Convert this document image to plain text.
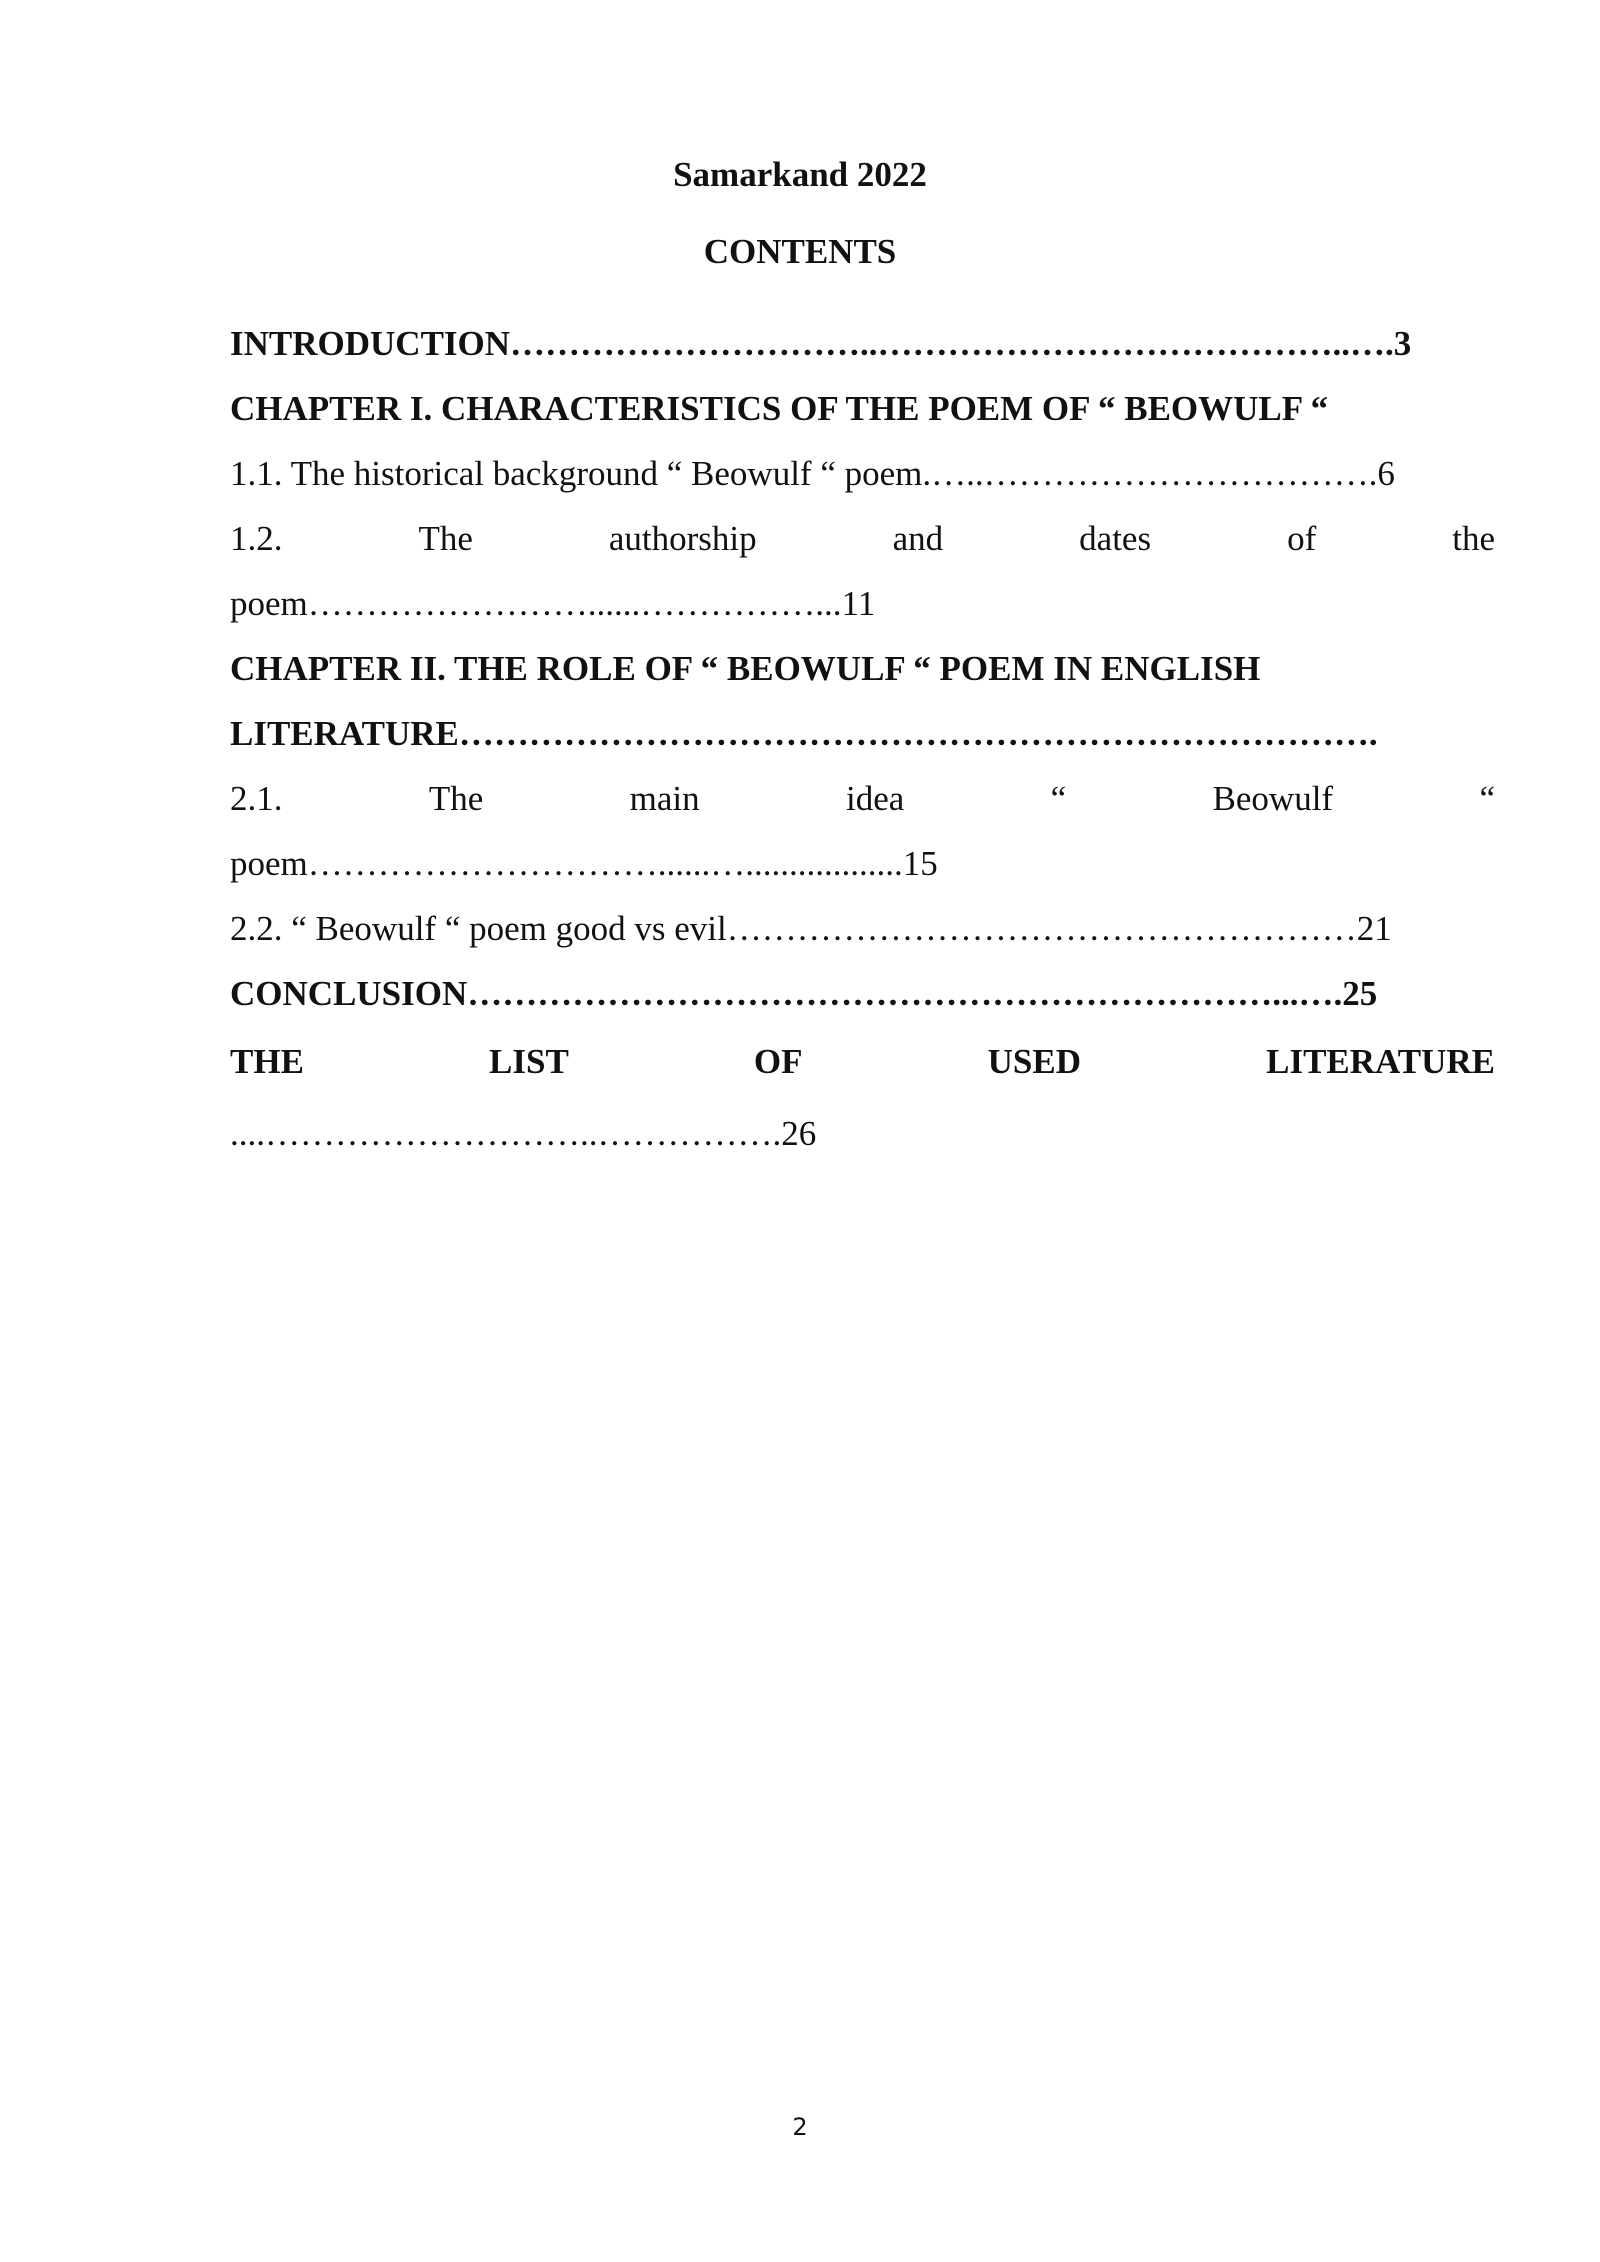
Samarkand 2022
CONTENTS
INTRODUCTION…………………………..…………………………………..….3
CHAPTER I. CHARACTERISTICS OF THE POEM OF “ BEOWULF “
1.1. The historical background “ Beowulf “ poem.…..…………………………….6
1.2.	The	authorship	and	dates	of	the
poem……………………......……………...11
CHAPTER II. THE ROLE OF “ BEOWULF “ POEM IN ENGLISH
LITERATURE…………………………………………………………………….
2.1.	The	main	idea	“	Beowulf	“
poem…………………………......…..................15
2.2. “ Beowulf “ poem good vs evil………………………………………………21
CONCLUSION……………………………………………………………...….25
THE	LIST	OF	USED	LITERATURE
....………………………..…………….26
2
